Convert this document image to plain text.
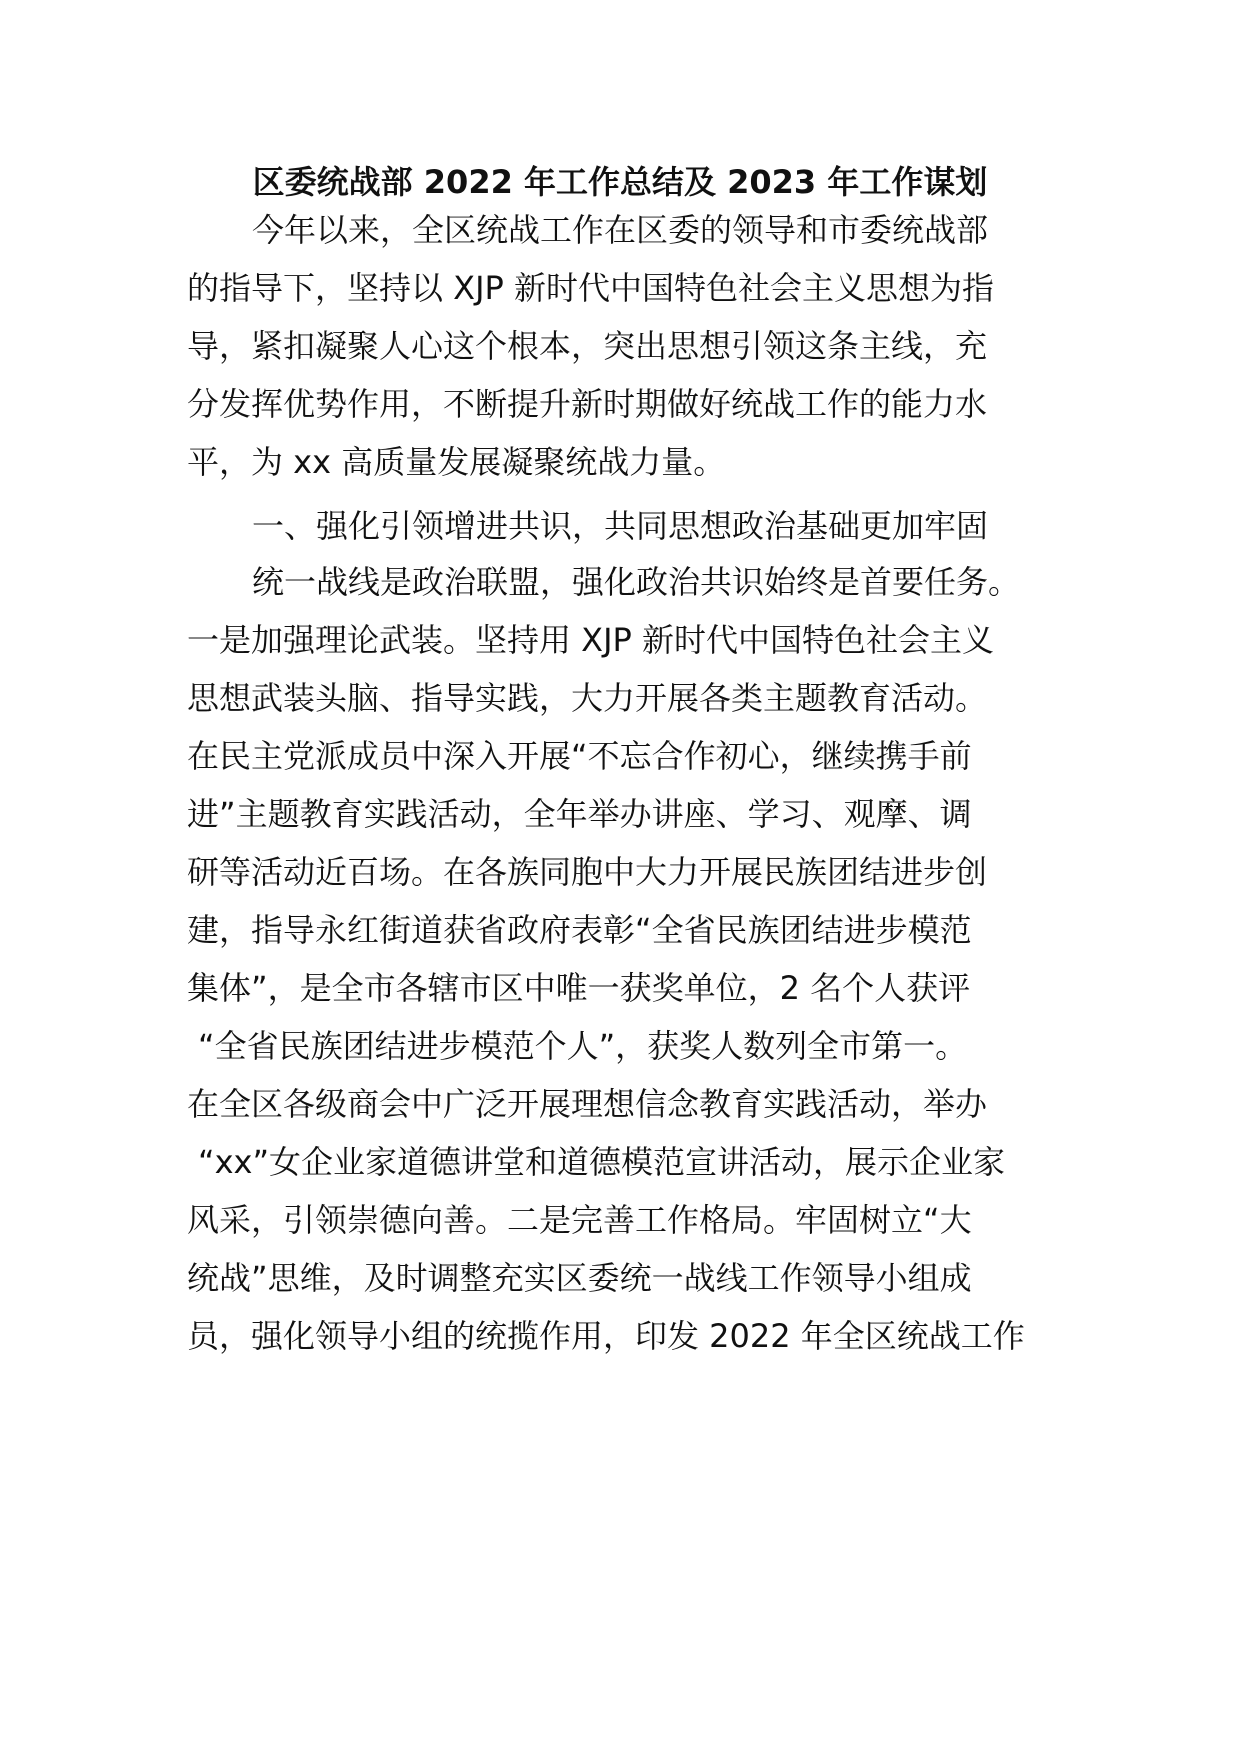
区委统战部 2022 年工作总结及 2023 年工作谋划
今年以来，全区统战工作在区委的领导和市委统战部
的指导下，坚持以 XJP 新时代中国特色社会主义思想为指
导，紧扣凝聚人心这个根本，突出思想引领这条主线，充
分发挥优势作用，不断提升新时期做好统战工作的能力水
平，为 xx 高质量发展凝聚统战力量。
一、强化引领增进共识，共同思想政治基础更加牢固
统一战线是政治联盟，强化政治共识始终是首要任务。
一是加强理论武装。坚持用 XJP 新时代中国特色社会主义
思想武装头脑、指导实践，大力开展各类主题教育活动。
在民主党派成员中深入开展“不忘合作初心，继续携手前
进”主题教育实践活动，全年举办讲座、学习、观摩、调
研等活动近百场。在各族同胞中大力开展民族团结进步创
建，指导永红街道获省政府表彰“全省民族团结进步模范
集体”，是全市各辖市区中唯一获奖单位，2 名个人获评
“全省民族团结进步模范个人”，获奖人数列全市第一。
在全区各级商会中广泛开展理想信念教育实践活动，举办
“xx”女企业家道德讲堂和道德模范宣讲活动，展示企业家
风采，引领崇德向善。二是完善工作格局。牢固树立“大
统战”思维，及时调整充实区委统一战线工作领导小组成
员，强化领导小组的统揽作用，印发 2022 年全区统战工作
